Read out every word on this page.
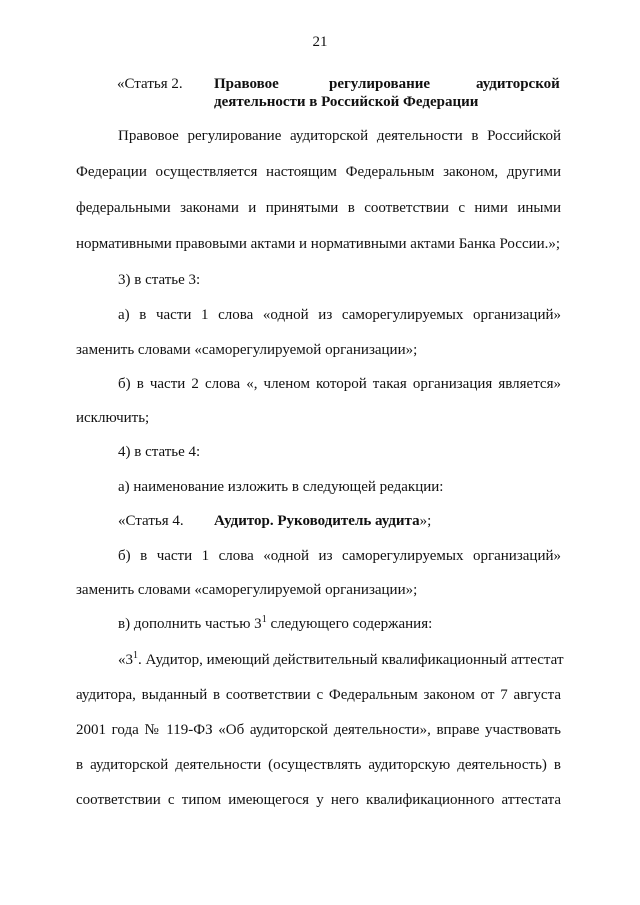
21
«Статья 2. Правовое	регулирование	аудиторской
деятельности в Российской Федерации
Правовое регулирование аудиторской деятельности в Российской
Федерации осуществляется настоящим Федеральным законом, другими
федеральными законами и принятыми в соответствии с ними иными
нормативными правовыми актами и нормативными актами Банка России.»;
3) в статье 3:
а) в части 1 слова «одной из саморегулируемых организаций»
заменить словами «саморегулируемой организации»;
б) в части 2 слова «, членом которой такая организация является»
исключить;
4) в статье 4:
а) наименование изложить в следующей редакции:
«Статья 4. Аудитор. Руководитель аудита»;
б) в части 1 слова «одной из саморегулируемых организаций»
заменить словами «саморегулируемой организации»;
в) дополнить частью $3^1$ следующего содержания:
«$3^1$. Аудитор, имеющий действительный квалификационный аттестат
аудитора, выданный в соответствии с Федеральным законом от 7 августа
2001 года № 119-ФЗ «Об аудиторской деятельности», вправе участвовать
в аудиторской деятельности (осуществлять аудиторскую деятельность) в
соответствии с типом имеющегося у него квалификационного аттестата
